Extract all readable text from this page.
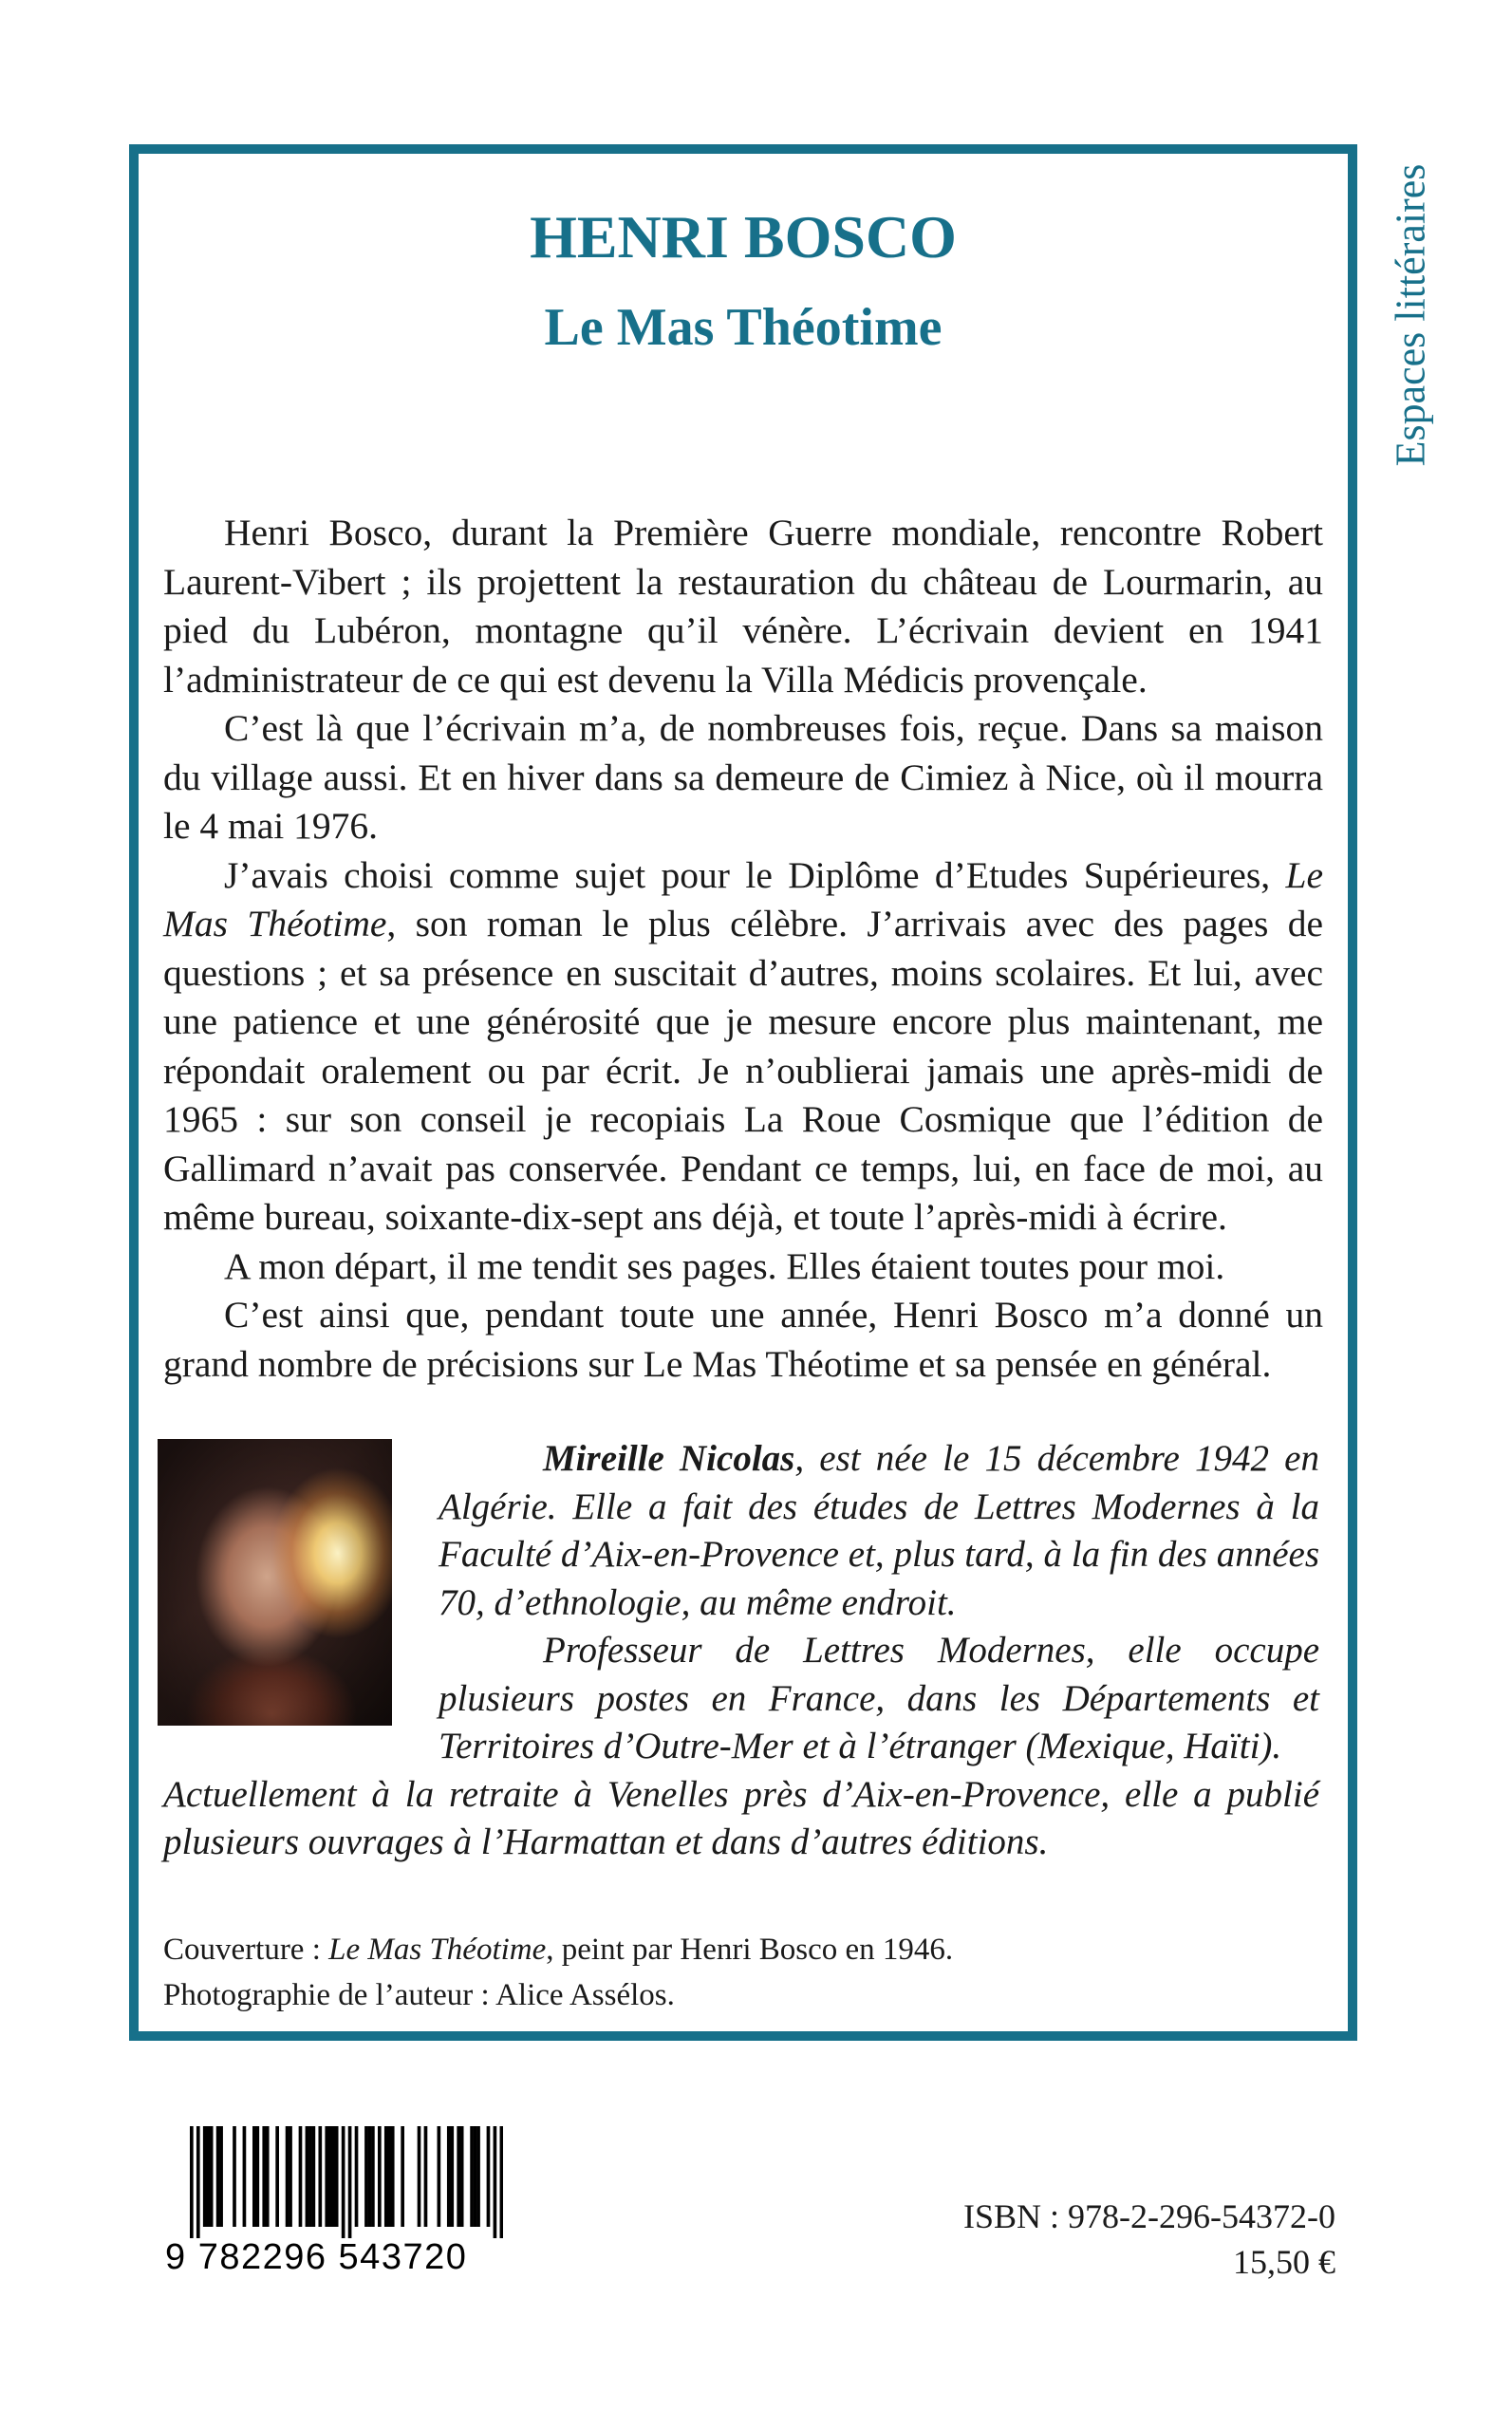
Espaces littéraires
HENRI BOSCO
Le Mas Théotime

Henri Bosco, durant la Première Guerre mondiale, rencontre Robert Laurent-Vibert ; ils projettent la restauration du château de Lourmarin, au pied du Lubéron, montagne qu’il vénère. L’écrivain devient en 1941 l’administrateur de ce qui est devenu la Villa Médicis provençale.

C’est là que l’écrivain m’a, de nombreuses fois, reçue. Dans sa maison du village aussi. Et en hiver dans sa demeure de Cimiez à Nice, où il mourra le 4 mai 1976.

J’avais choisi comme sujet pour le Diplôme d’Etudes Supérieures, Le Mas Théotime, son roman le plus célèbre. J’arrivais avec des pages de questions ; et sa présence en suscitait d’autres, moins scolaires. Et lui, avec une patience et une générosité que je mesure encore plus maintenant, me répondait oralement ou par écrit. Je n’oublierai jamais une après-midi de 1965 : sur son conseil je recopiais La Roue Cosmique que l’édition de Gallimard n’avait pas conservée. Pendant ce temps, lui, en face de moi, au même bureau, soixante-dix-sept ans déjà, et toute l’après-midi à écrire.

A mon départ, il me tendit ses pages. Elles étaient toutes pour moi.

C’est ainsi que, pendant toute une année, Henri Bosco m’a donné un grand nombre de précisions sur Le Mas Théotime et sa pensée en général.

Mireille Nicolas, est née le 15 décembre 1942 en Algérie. Elle a fait des études de Lettres Modernes à la Faculté d’Aix-en-Provence et, plus tard, à la fin des années 70, d’ethnologie, au même endroit.

Professeur de Lettres Modernes, elle occupe plusieurs postes en France, dans les Départements et Territoires d’Outre-Mer et à l’étranger (Mexique, Haïti).

Actuellement à la retraite à Venelles près d’Aix-en-Provence, elle a publié plusieurs ouvrages à l’Harmattan et dans d’autres éditions.

Couverture : Le Mas Théotime, peint par Henri Bosco en 1946.

Photographie de l’auteur : Alice Assélos.

9 782296 543720
ISBN : 978-2-296-54372-0
15,50 €
